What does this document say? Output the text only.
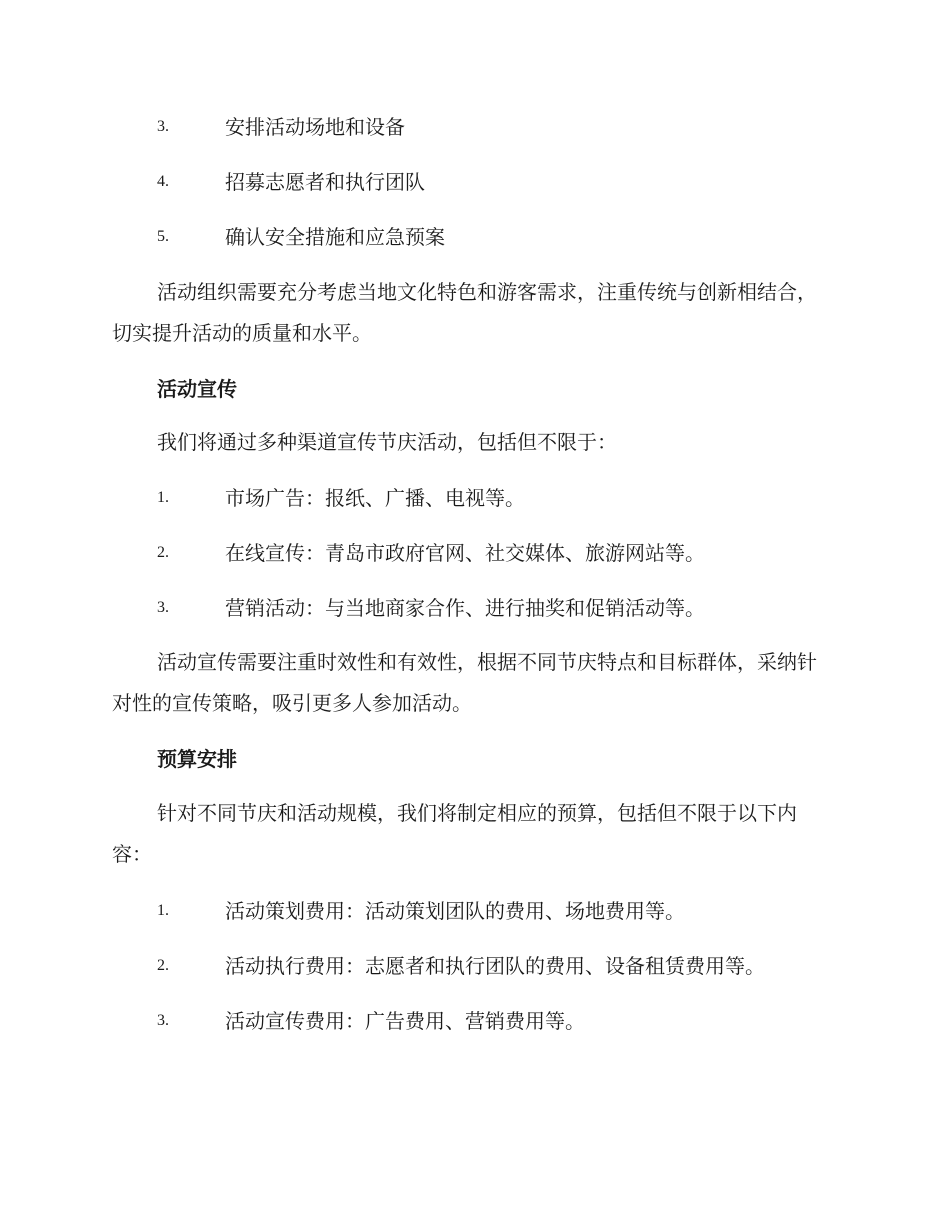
3.	安排活动场地和设备
4.	招募志愿者和执行团队
5.	确认安全措施和应急预案

活动组织需要充分考虑当地文化特色和游客需求，注重传统与创新相结合，切实提升活动的质量和水平。

活动宣传

我们将通过多种渠道宣传节庆活动，包括但不限于：

1.	市场广告：报纸、广播、电视等。
2.	在线宣传：青岛市政府官网、社交媒体、旅游网站等。
3.	营销活动：与当地商家合作、进行抽奖和促销活动等。

活动宣传需要注重时效性和有效性，根据不同节庆特点和目标群体，采纳针对性的宣传策略，吸引更多人参加活动。

预算安排

针对不同节庆和活动规模，我们将制定相应的预算，包括但不限于以下内容：

1.	活动策划费用：活动策划团队的费用、场地费用等。
2.	活动执行费用：志愿者和执行团队的费用、设备租赁费用等。
3.	活动宣传费用：广告费用、营销费用等。
